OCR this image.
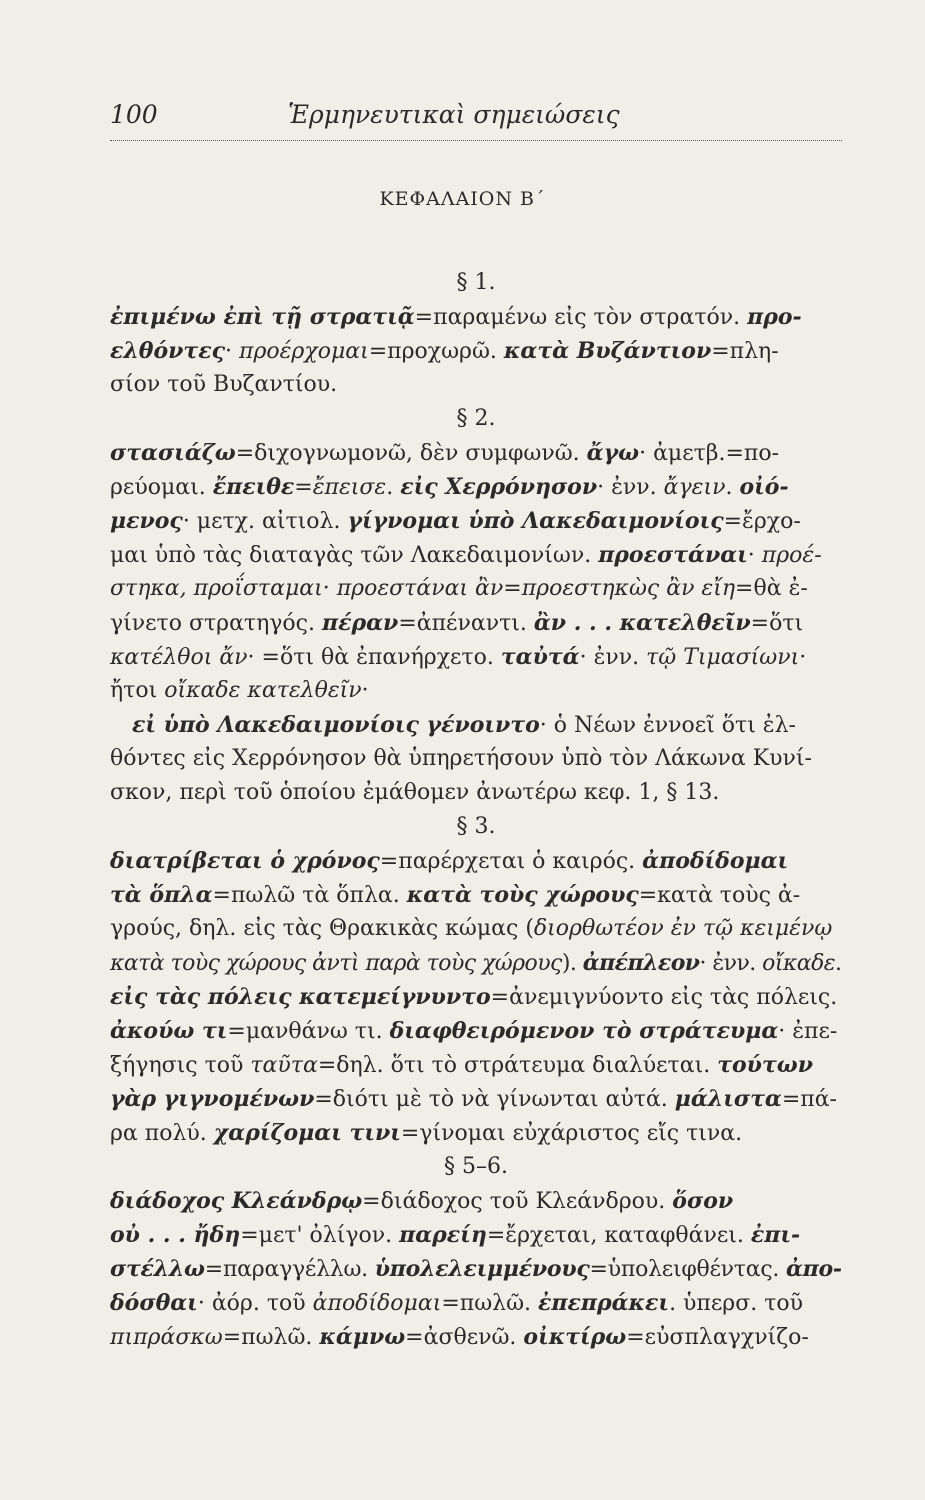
100	Ἑρμηνευτικαὶ σημειώσεις
ΚΕΦΑΛΑΙΟΝ Β΄
§ 1.
ἐπιμένω ἐπὶ τῇ στρατιᾷ=παραμένω εἰς τὸν στρατόν. προ-
ελθόντες· προέρχομαι=προχωρῶ. κατὰ Βυζάντιον=πλη-
σίον τοῦ Βυζαντίου.
§ 2.
στασιάζω=διχογνωμονῶ, δὲν συμφωνῶ. ἄγω· ἀμετβ.=πο-
ρεύομαι. ἔπειθε=ἔπεισε. εἰς Χερρόνησον· ἐνν. ἄγειν. οἰό-
μενος· μετχ. αἰτιολ. γίγνομαι ὑπὸ Λακεδαιμονίοις=ἔρχο-
μαι ὑπὸ τὰς διαταγὰς τῶν Λακεδαιμονίων. προεστάναι· προέ-
στηκα, προΐσταμαι· προεστάναι ἂν=προεστηκὼς ἂν εἴη=θὰ ἐ-
γίνετο στρατηγός. πέραν=ἀπέναντι. ἂν . . . κατελθεῖν=ὅτι
κατέλθοι ἄν· =ὅτι θὰ ἐπανήρχετο. ταὐτά· ἐνν. τῷ Τιμασίωνι·
ἤτοι οἴκαδε κατελθεῖν·
εἰ ὑπὸ Λακεδαιμονίοις γένοιντο· ὁ Νέων ἐννοεῖ ὅτι ἐλ-
θόντες εἰς Χερρόνησον θὰ ὑπηρετήσουν ὑπὸ τὸν Λάκωνα Κυνί-
σκον, περὶ τοῦ ὁποίου ἐμάθομεν ἀνωτέρω κεφ. 1, § 13.
§ 3.
διατρίβεται ὁ χρόνος=παρέρχεται ὁ καιρός. ἀποδίδομαι
τὰ ὅπλα=πωλῶ τὰ ὅπλα. κατὰ τοὺς χώρους=κατὰ τοὺς ἀ-
γρούς, δηλ. εἰς τὰς Θρακικὰς κώμας (διορθωτέον ἐν τῷ κειμένῳ
κατὰ τοὺς χώρους ἀντὶ παρὰ τοὺς χώρους). ἀπέπλεον· ἐνν. οἴκαδε.
εἰς τὰς πόλεις κατεμείγνυντο=ἀνεμιγνύοντο εἰς τὰς πόλεις.
ἀκούω τι=μανθάνω τι. διαφθειρόμενον τὸ στράτευμα· ἐπε-
ξήγησις τοῦ ταῦτα=δηλ. ὅτι τὸ στράτευμα διαλύεται. τούτων
γὰρ γιγνομένων=διότι μὲ τὸ νὰ γίνωνται αὐτά. μάλιστα=πά-
ρα πολύ. χαρίζομαι τινι=γίνομαι εὐχάριστος εἴς τινα.
§ 5–6.
διάδοχος Κλεάνδρῳ=διάδοχος τοῦ Κλεάνδρου. ὅσον
οὐ . . . ἤδη=μετ' ὀλίγον. παρείη=ἔρχεται, καταφθάνει. ἐπι-
στέλλω=παραγγέλλω. ὑπολελειμμένους=ὑπολειφθέντας. ἀπο-
δόσθαι· ἀόρ. τοῦ ἀποδίδομαι=πωλῶ. ἐπεπράκει. ὑπερσ. τοῦ
πιπράσκω=πωλῶ. κάμνω=ἀσθενῶ. οἰκτίρω=εὐσπλαγχνίζο-
